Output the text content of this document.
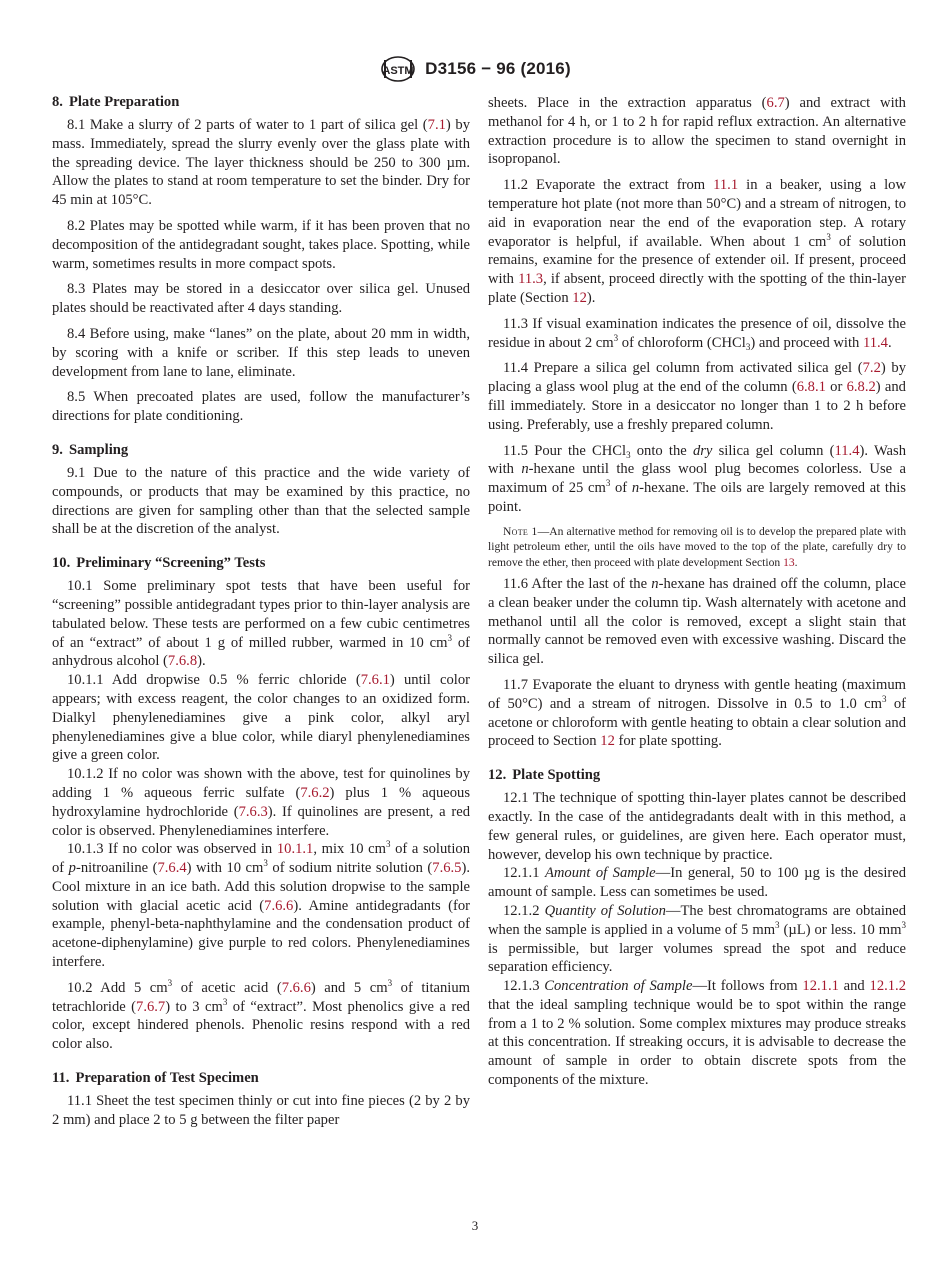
ASTM D3156 − 96 (2016)
8. Plate Preparation

8.1 Make a slurry of 2 parts of water to 1 part of silica gel (7.1) by mass. Immediately, spread the slurry evenly over the glass plate with the spreading device. The layer thickness should be 250 to 300 µm. Allow the plates to stand at room temperature to set the binder. Dry for 45 min at 105°C.

8.2 Plates may be spotted while warm, if it has been proven that no decomposition of the antidegradant sought, takes place. Spotting, while warm, sometimes results in more compact spots.

8.3 Plates may be stored in a desiccator over silica gel. Unused plates should be reactivated after 4 days standing.

8.4 Before using, make “lanes” on the plate, about 20 mm in width, by scoring with a knife or scriber. If this step leads to uneven development from lane to lane, eliminate.

8.5 When precoated plates are used, follow the manufacturer’s directions for plate conditioning.

9. Sampling

9.1 Due to the nature of this practice and the wide variety of compounds, or products that may be examined by this practice, no directions are given for sampling other than that the selected sample shall be at the discretion of the analyst.

10. Preliminary “Screening” Tests

10.1 Some preliminary spot tests that have been useful for “screening” possible antidegradant types prior to thin-layer analysis are tabulated below. These tests are performed on a few cubic centimetres of an “extract” of about 1 g of milled rubber, warmed in 10 $cm^3$ of anhydrous alcohol (7.6.8).

10.1.1 Add dropwise 0.5 % ferric chloride (7.6.1) until color appears; with excess reagent, the color changes to an oxidized form. Dialkyl phenylenediamines give a pink color, alkyl aryl phenylenediamines give a blue color, while diaryl phenylenediamines give a green color.

10.1.2 If no color was shown with the above, test for quinolines by adding 1 % aqueous ferric sulfate (7.6.2) plus 1 % aqueous hydroxylamine hydrochloride (7.6.3). If quinolines are present, a red color is observed. Phenylenediamines interfere.

10.1.3 If no color was observed in 10.1.1, mix 10 $cm^3$ of a solution of p-nitroaniline (7.6.4) with 10 $cm^3$ of sodium nitrite solution (7.6.5). Cool mixture in an ice bath. Add this solution dropwise to the sample solution with glacial acetic acid (7.6.6). Amine antidegradants (for example, phenyl-beta-naphthylamine and the condensation product of acetone-diphenylamine) give purple to red colors. Phenylenediamines interfere.

10.2 Add 5 $cm^3$ of acetic acid (7.6.6) and 5 $cm^3$ of titanium tetrachloride (7.6.7) to 3 $cm^3$ of “extract”. Most phenolics give a red color, except hindered phenols. Phenolic resins respond with a red color also.

11. Preparation of Test Specimen

11.1 Sheet the test specimen thinly or cut into fine pieces (2 by 2 by 2 mm) and place 2 to 5 g between the filter paper

sheets. Place in the extraction apparatus (6.7) and extract with methanol for 4 h, or 1 to 2 h for rapid reflux extraction. An alternative extraction procedure is to allow the specimen to stand overnight in isopropanol.

11.2 Evaporate the extract from 11.1 in a beaker, using a low temperature hot plate (not more than 50°C) and a stream of nitrogen, to aid in evaporation near the end of the evaporation step. A rotary evaporator is helpful, if available. When about 1 $cm^3$ of solution remains, examine for the presence of extender oil. If present, proceed with 11.3, if absent, proceed directly with the spotting of the thin-layer plate (Section 12).

11.3 If visual examination indicates the presence of oil, dissolve the residue in about 2 $cm^3$ of chloroform (CHCl$_3$) and proceed with 11.4.

11.4 Prepare a silica gel column from activated silica gel (7.2) by placing a glass wool plug at the end of the column (6.8.1 or 6.8.2) and fill immediately. Store in a desiccator no longer than 1 to 2 h before using. Preferably, use a freshly prepared column.

11.5 Pour the CHCl$_3$ onto the dry silica gel column (11.4). Wash with n-hexane until the glass wool plug becomes colorless. Use a maximum of 25 $cm^3$ of n-hexane. The oils are largely removed at this point.

Note 1—An alternative method for removing oil is to develop the prepared plate with light petroleum ether, until the oils have moved to the top of the plate, carefully dry to remove the ether, then proceed with plate development Section 13.

11.6 After the last of the n-hexane has drained off the column, place a clean beaker under the column tip. Wash alternately with acetone and methanol until all the color is removed, except a slight stain that normally cannot be removed even with excessive washing. Discard the silica gel.

11.7 Evaporate the eluant to dryness with gentle heating (maximum of 50°C) and a stream of nitrogen. Dissolve in 0.5 to 1.0 $cm^3$ of acetone or chloroform with gentle heating to obtain a clear solution and proceed to Section 12 for plate spotting.

12. Plate Spotting

12.1 The technique of spotting thin-layer plates cannot be described exactly. In the case of the antidegradants dealt with in this method, a few general rules, or guidelines, are given here. Each operator must, however, develop his own technique by practice.

12.1.1 Amount of Sample—In general, 50 to 100 µg is the desired amount of sample. Less can sometimes be used.

12.1.2 Quantity of Solution—The best chromatograms are obtained when the sample is applied in a volume of 5 $mm^3$ (µL) or less. 10 $mm^3$ is permissible, but larger volumes spread the spot and reduce separation efficiency.

12.1.3 Concentration of Sample—It follows from 12.1.1 and 12.1.2 that the ideal sampling technique would be to spot within the range from a 1 to 2 % solution. Some complex mixtures may produce streaks at this concentration. If streaking occurs, it is advisable to decrease the amount of sample in order to obtain discrete spots from the components of the mixture.

3
